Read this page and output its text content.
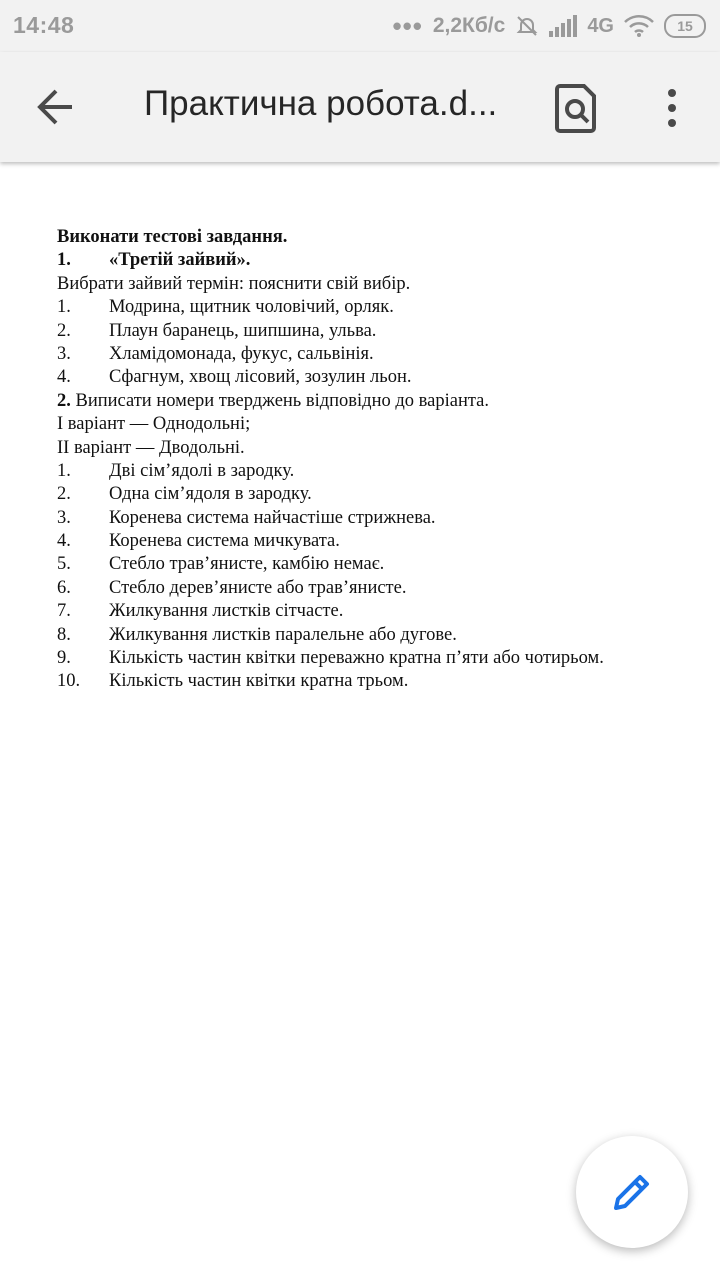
14:48	••• 2,2Кб/с	4G	15
Практична робота.d...
Виконати тестові завдання.
1. «Третій зайвий».
Вибрати зайвий термін: пояснити свій вибір.
1. Модрина, щитник чоловічий, орляк.
2. Плаун баранець, шипшина, ульва.
3. Хламідомонада, фукус, сальвінія.
4. Сфагнум, хвощ лісовий, зозулин льон.
2. Виписати номери тверджень відповідно до варіанта.
І варіант — Однодольні;
ІІ варіант — Дводольні.
1. Дві сім’ядолі в зародку.
2. Одна сім’ядоля в зародку.
3. Коренева система найчастіше стрижнева.
4. Коренева система мичкувата.
5. Стебло трав’янисте, камбію немає.
6. Стебло дерев’янисте або трав’янисте.
7. Жилкування листків сітчасте.
8. Жилкування листків паралельне або дугове.
9. Кількість частин квітки переважно кратна п’яти або чотирьом.
10. Кількість частин квітки кратна трьом.
